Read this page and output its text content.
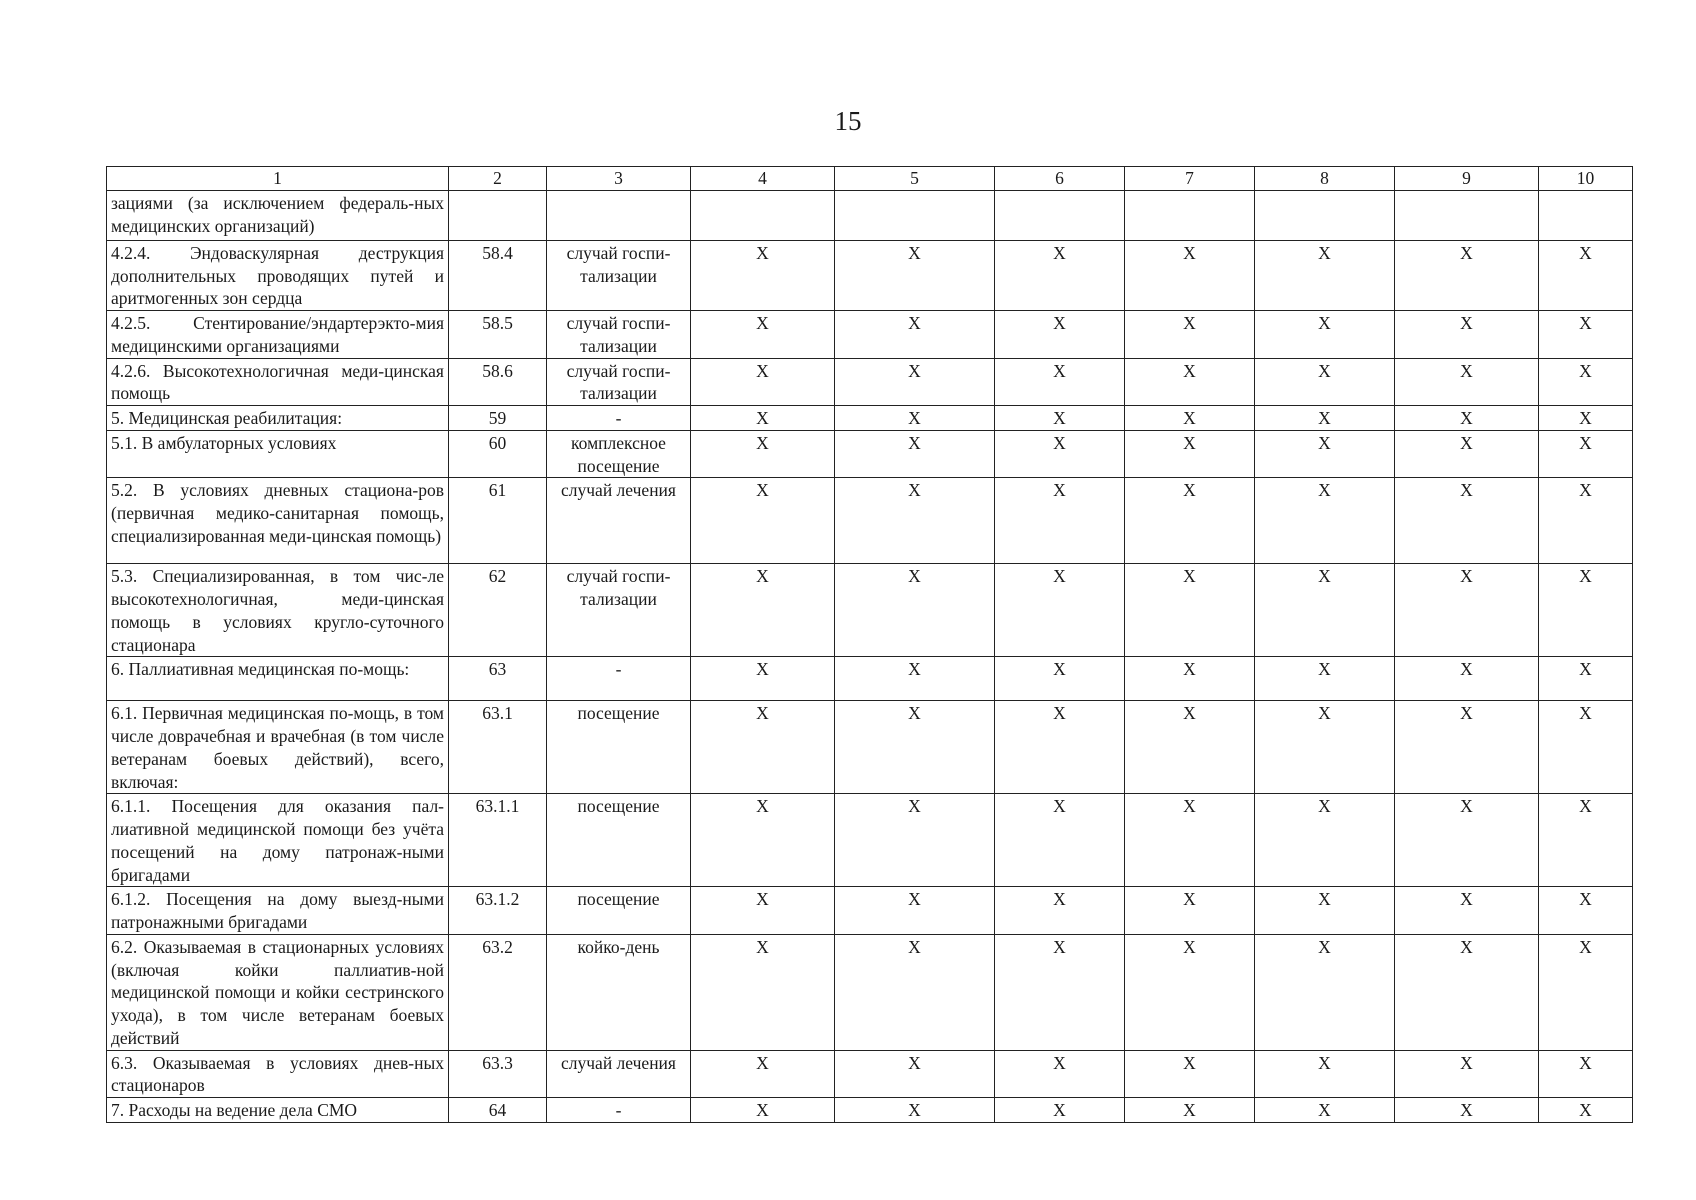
15
1	2	3	4	5	6	7	8	9	10
зациями (за исключением федераль-ных медицинских организаций)									
4.2.4. Эндоваскулярная деструкция дополнительных проводящих путей и аритмогенных зон сердца	58.4	случай госпи-тализации	X	X	X	X	X	X	X
4.2.5. Стентирование/эндартерэкто-мия медицинскими организациями	58.5	случай госпи-тализации	X	X	X	X	X	X	X
4.2.6. Высокотехнологичная меди-цинская помощь	58.6	случай госпи-тализации	X	X	X	X	X	X	X
5. Медицинская реабилитация:	59	-	X	X	X	X	X	X	X
5.1. В амбулаторных условиях	60	комплексное посещение	X	X	X	X	X	X	X
5.2. В условиях дневных стациона-ров (первичная медико-санитарная помощь, специализированная меди-цинская помощь)	61	случай лечения	X	X	X	X	X	X	X
5.3. Специализированная, в том чис-ле высокотехнологичная, меди-цинская помощь в условиях кругло-суточного стационара	62	случай госпи-тализации	X	X	X	X	X	X	X
6. Паллиативная медицинская по-мощь:	63	-	X	X	X	X	X	X	X
6.1. Первичная медицинская по-мощь, в том числе доврачебная и врачебная (в том числе ветеранам боевых действий), всего, включая:	63.1	посещение	X	X	X	X	X	X	X
6.1.1. Посещения для оказания пал-лиативной медицинской помощи без учёта посещений на дому патронаж-ными бригадами	63.1.1	посещение	X	X	X	X	X	X	X
6.1.2. Посещения на дому выезд-ными патронажными бригадами	63.1.2	посещение	X	X	X	X	X	X	X
6.2. Оказываемая в стационарных условиях (включая койки паллиатив-ной медицинской помощи и койки сестринского ухода), в том числе ветеранам боевых действий	63.2	койко-день	X	X	X	X	X	X	X
6.3. Оказываемая в условиях днев-ных стационаров	63.3	случай лечения	X	X	X	X	X	X	X
7. Расходы на ведение дела СМО	64	-	X	X	X	X	X	X	X
